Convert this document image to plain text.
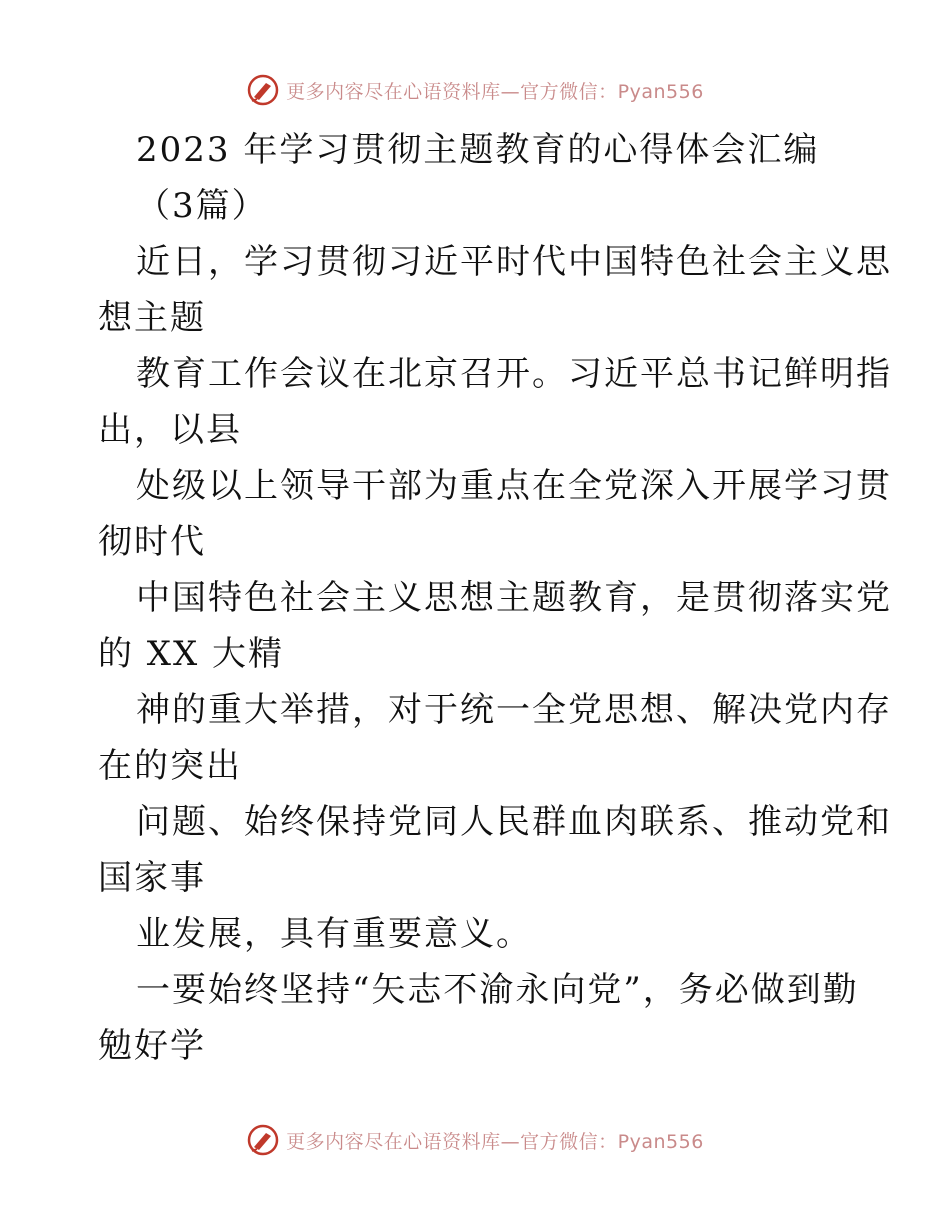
更多内容尽在心语资料库—官方微信：Pyan556
2023 年学习贯彻主题教育的心得体会汇编
（3篇）
近日，学习贯彻习近平时代中国特色社会主义思
想主题
教育工作会议在北京召开。习近平总书记鲜明指
出，以县
处级以上领导干部为重点在全党深入开展学习贯
彻时代
中国特色社会主义思想主题教育，是贯彻落实党
的 XX 大精
神的重大举措，对于统一全党思想、解决党内存
在的突出
问题、始终保持党同人民群血肉联系、推动党和
国家事
业发展，具有重要意义。
一要始终坚持“矢志不渝永向党”，务必做到勤
勉好学
更多内容尽在心语资料库—官方微信：Pyan556
